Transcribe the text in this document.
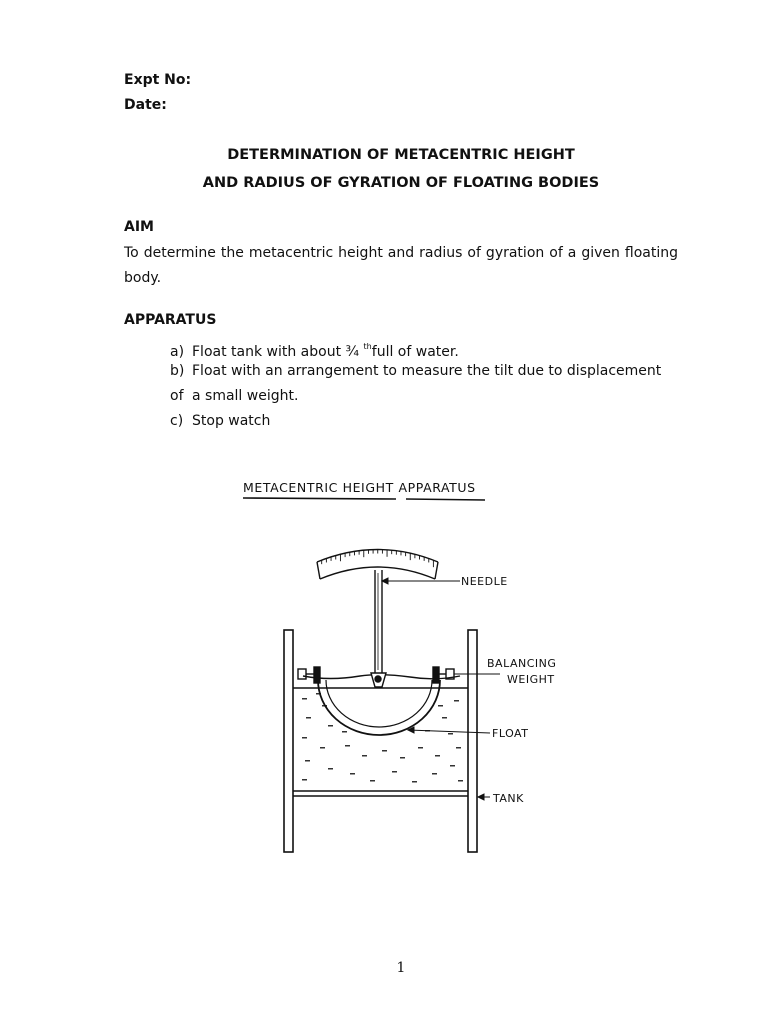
Expt No:
Date:
DETERMINATION OF METACENTRIC HEIGHT
AND RADIUS OF GYRATION OF FLOATING BODIES
AIM
To determine the metacentric height and radius of gyration of a given floating body.
APPARATUS
a) Float tank with about ¾ $^{th}$full of water.
b) Float with an arrangement to measure the tilt due to displacement of a small weight.
c) Stop watch
METACENTRIC HEIGHT APPARATUS
NEEDLE
BALANCING
WEIGHT
FLOAT
TANK
1
